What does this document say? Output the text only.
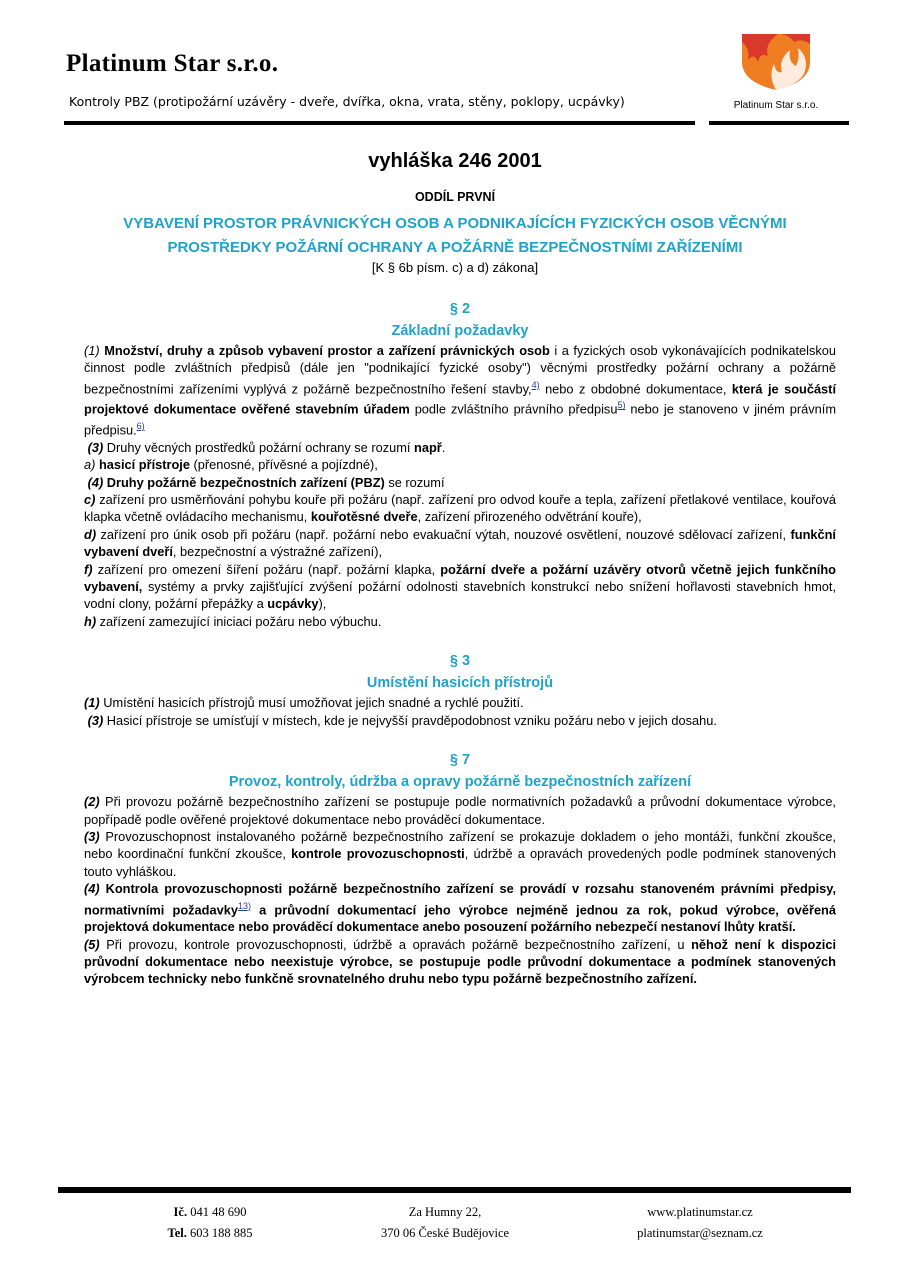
Platinum Star s.r.o.
Kontroly PBZ (protipožární uzávěry - dveře, dvířka, okna, vrata, stěny, poklopy, ucpávky)	Platinum Star s.r.o.
vyhláška 246 2001
ODDÍL PRVNÍ
VYBAVENÍ PROSTOR PRÁVNICKÝCH OSOB A PODNIKAJÍCÍCH FYZICKÝCH OSOB VĚCNÝMI
PROSTŘEDKY POŽÁRNÍ OCHRANY A POŽÁRNĚ BEZPEČNOSTNÍMI ZAŘÍZENÍMI
[K § 6b písm. c) a d) zákona]

§ 2

Základní požadavky

(1) Množství, druhy a způsob vybavení prostor a zařízení právnických osob i a fyzických osob vykonávajících podnikatelskou činnost podle zvláštních předpisů (dále jen "podnikající fyzické osoby") věcnými prostředky požární ochrany a požárně bezpečnostními zařízeními vyplývá z požárně bezpečnostního řešení stavby,$^{4)}$ nebo z obdobné dokumentace, která je součástí projektové dokumentace ověřené stavebním úřadem podle zvláštního právního předpisu$^{5)}$ nebo je stanoveno v jiném právním předpisu.$^{6)}$

(3) Druhy věcných prostředků požární ochrany se rozumí např.

a) hasicí přístroje (přenosné, přívěsné a pojízdné),

(4) Druhy požárně bezpečnostních zařízení (PBZ) se rozumí

c) zařízení pro usměrňování pohybu kouře při požáru (např. zařízení pro odvod kouře a tepla, zařízení přetlakové ventilace, kouřová klapka včetně ovládacího mechanismu, kouřotěsné dveře, zařízení přirozeného odvětrání kouře),

d) zařízení pro únik osob při požáru (např. požární nebo evakuační výtah, nouzové osvětlení, nouzové sdělovací zařízení, funkční vybavení dveří, bezpečnostní a výstražné zařízení),

f) zařízení pro omezení šíření požáru (např. požární klapka, požární dveře a požární uzávěry otvorů včetně jejich funkčního vybavení, systémy a prvky zajišťující zvýšení požární odolnosti stavebních konstrukcí nebo snížení hořlavosti stavebních hmot, vodní clony, požární přepážky a ucpávky),

h) zařízení zamezující iniciaci požáru nebo výbuchu.

§ 3

Umístění hasicích přístrojů

(1) Umístění hasicích přístrojů musí umožňovat jejich snadné a rychlé použití.

(3) Hasicí přístroje se umísťují v místech, kde je nejvyšší pravděpodobnost vzniku požáru nebo v jejich dosahu.

§ 7

Provoz, kontroly, údržba a opravy požárně bezpečnostních zařízení

(2) Při provozu požárně bezpečnostního zařízení se postupuje podle normativních požadavků a průvodní dokumentace výrobce, popřípadě podle ověřené projektové dokumentace nebo prováděcí dokumentace.

(3) Provozuschopnost instalovaného požárně bezpečnostního zařízení se prokazuje dokladem o jeho montáži, funkční zkoušce, nebo koordinační funkční zkoušce, kontrole provozuschopnosti, údržbě a opravách provedených podle podmínek stanovených touto vyhláškou.

(4) Kontrola provozuschopnosti požárně bezpečnostního zařízení se provádí v rozsahu stanoveném právními předpisy, normativními požadavky$^{13)}$ a průvodní dokumentací jeho výrobce nejméně jednou za rok, pokud výrobce, ověřená projektová dokumentace nebo prováděcí dokumentace anebo posouzení požárního nebezpečí nestanoví lhůty kratší.

(5) Při provozu, kontrole provozuschopnosti, údržbě a opravách požárně bezpečnostního zařízení, u něhož není k dispozici průvodní dokumentace nebo neexistuje výrobce, se postupuje podle průvodní dokumentace a podmínek stanovených výrobcem technicky nebo funkčně srovnatelného druhu nebo typu požárně bezpečnostního zařízení.

Ič. 041 48 690
Tel. 603 188 885
Za Humny 22,
370 06 České Budějovice
www.platinumstar.cz
platinumstar@seznam.cz
